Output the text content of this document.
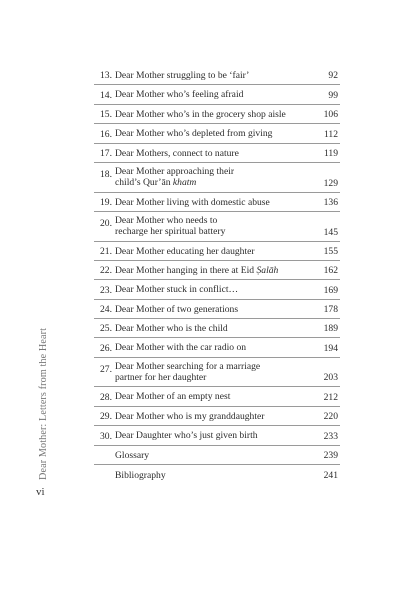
13. Dear Mother struggling to be ‘fair’	92
14. Dear Mother who’s feeling afraid	99
15. Dear Mother who’s in the grocery shop aisle	106
16. Dear Mother who’s depleted from giving	112
17. Dear Mothers, connect to nature	119
18. Dear Mother approaching their
child’s Qur’ān khatm	129
19. Dear Mother living with domestic abuse	136
20. Dear Mother who needs to
recharge her spiritual battery	145
21. Dear Mother educating her daughter	155
22. Dear Mother hanging in there at Eid Ṣalāh	162
23. Dear Mother stuck in conflict…	169
24. Dear Mother of two generations	178
25. Dear Mother who is the child	189
26. Dear Mother with the car radio on	194
27. Dear Mother searching for a marriage
partner for her daughter	203
28. Dear Mother of an empty nest	212
29. Dear Mother who is my granddaughter	220
30. Dear Daughter who’s just given birth	233
Glossary	239
Bibliography	241
Dear Mother: Letters from the Heart
vi
